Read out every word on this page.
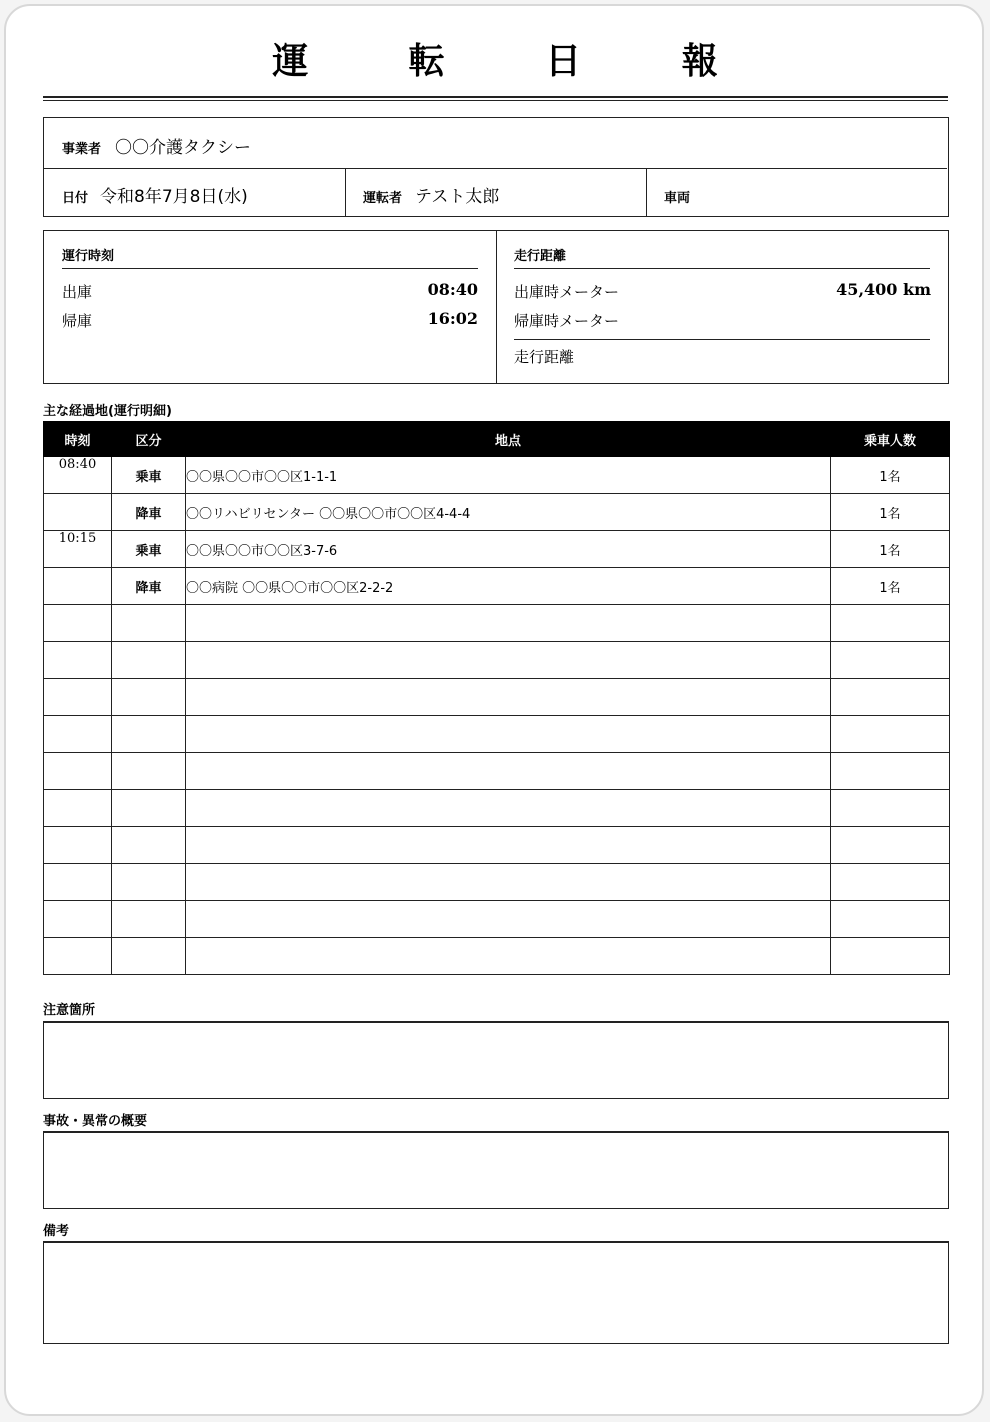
運 転 日 報
事業者 〇〇介護タクシー
日付 令和8年7月8日(水)	運転者 テスト太郎	車両
運行時刻
出庫	08:40
帰庫	16:02
走行距離
出庫時メーター	45,400 km
帰庫時メーター
走行距離
主な経過地(運行明細)
時刻	区分	地点	乗車人数
08:40	乗車	〇〇県〇〇市〇〇区1-1-1	1名
	降車	〇〇リハビリセンター 〇〇県〇〇市〇〇区4-4-4	1名
10:15	乗車	〇〇県〇〇市〇〇区3-7-6	1名
	降車	〇〇病院 〇〇県〇〇市〇〇区2-2-2	1名

注意箇所
事故・異常の概要
備考
